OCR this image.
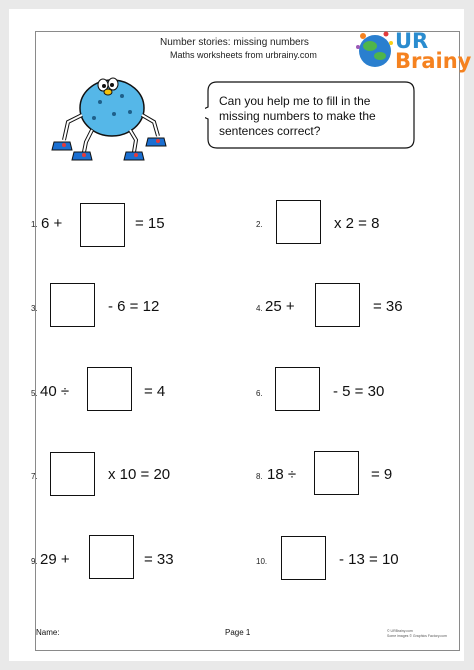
Number stories: missing numbers
Maths worksheets from urbrainy.com
UR
Brainy
Can you help me to fill in the missing numbers to make the sentences correct?
1. 6 +	= 15	2.	x 2 = 8
3.	- 6 = 12	4. 25 +	= 36
5. 40 ÷	= 4	6.	- 5 = 30
7.	x 10 = 20	8. 18 ÷	= 9
9. 29 +	= 33	10.	- 13 = 10
Name:	Page 1	© URBrainy.com
Some images © Graphics Factory.com
